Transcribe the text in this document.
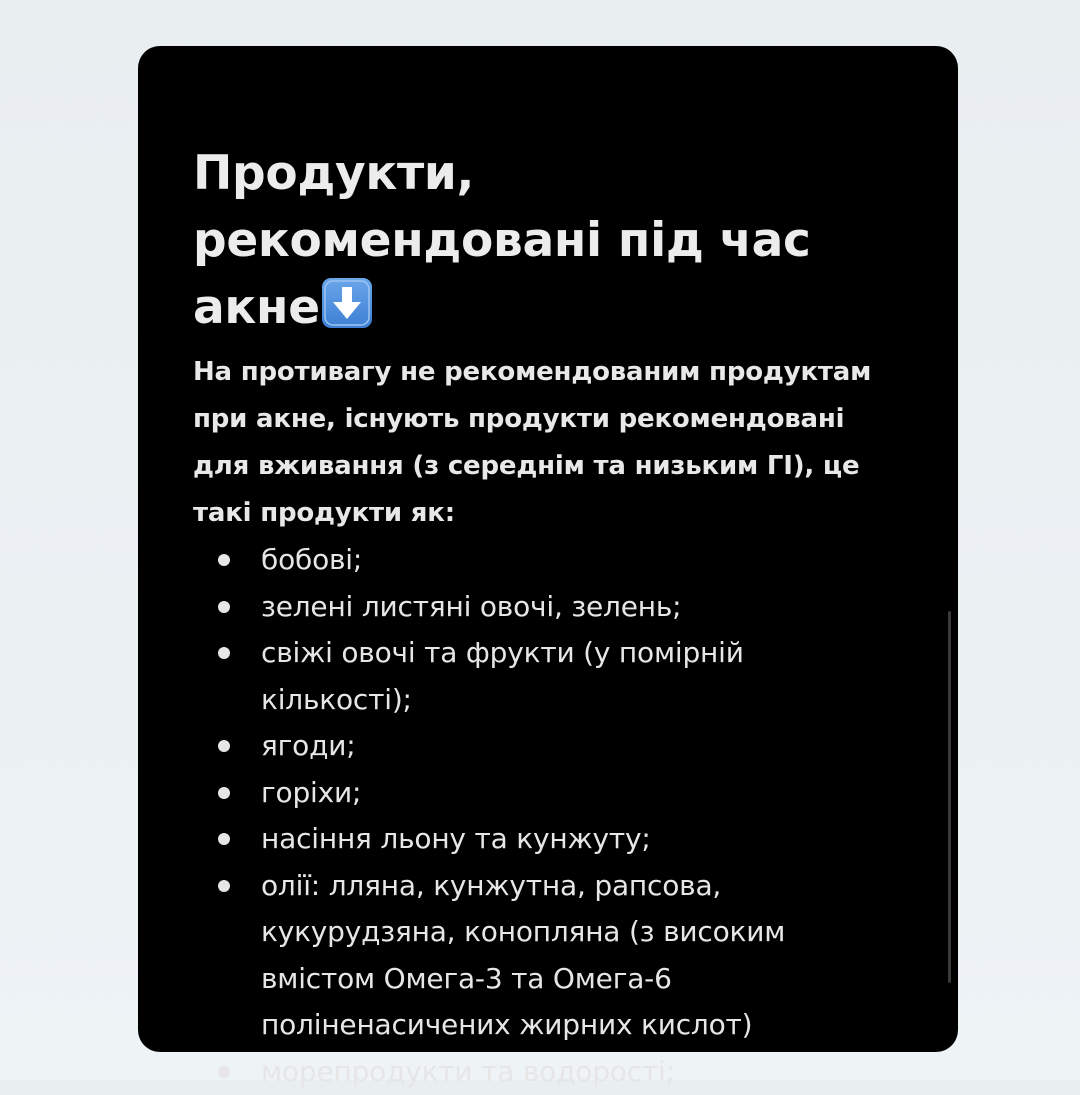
Продукти, рекомендовані під час акне

На противагу не рекомендованим продуктам при акне, існують продукти рекомендовані для вживання (з середнім та низьким ГІ), це такі продукти як:

бобові;
зелені листяні овочі, зелень;
свіжі овочі та фрукти (у помірній кількості);
ягоди;
горіхи;
насіння льону та кунжуту;
олії: лляна, кунжутна, рапсова, кукурудзяна, конопляна (з високим вмістом Омега-3 та Омега-6 поліненасичених жирних кислот)
морепродукти та водорості;
